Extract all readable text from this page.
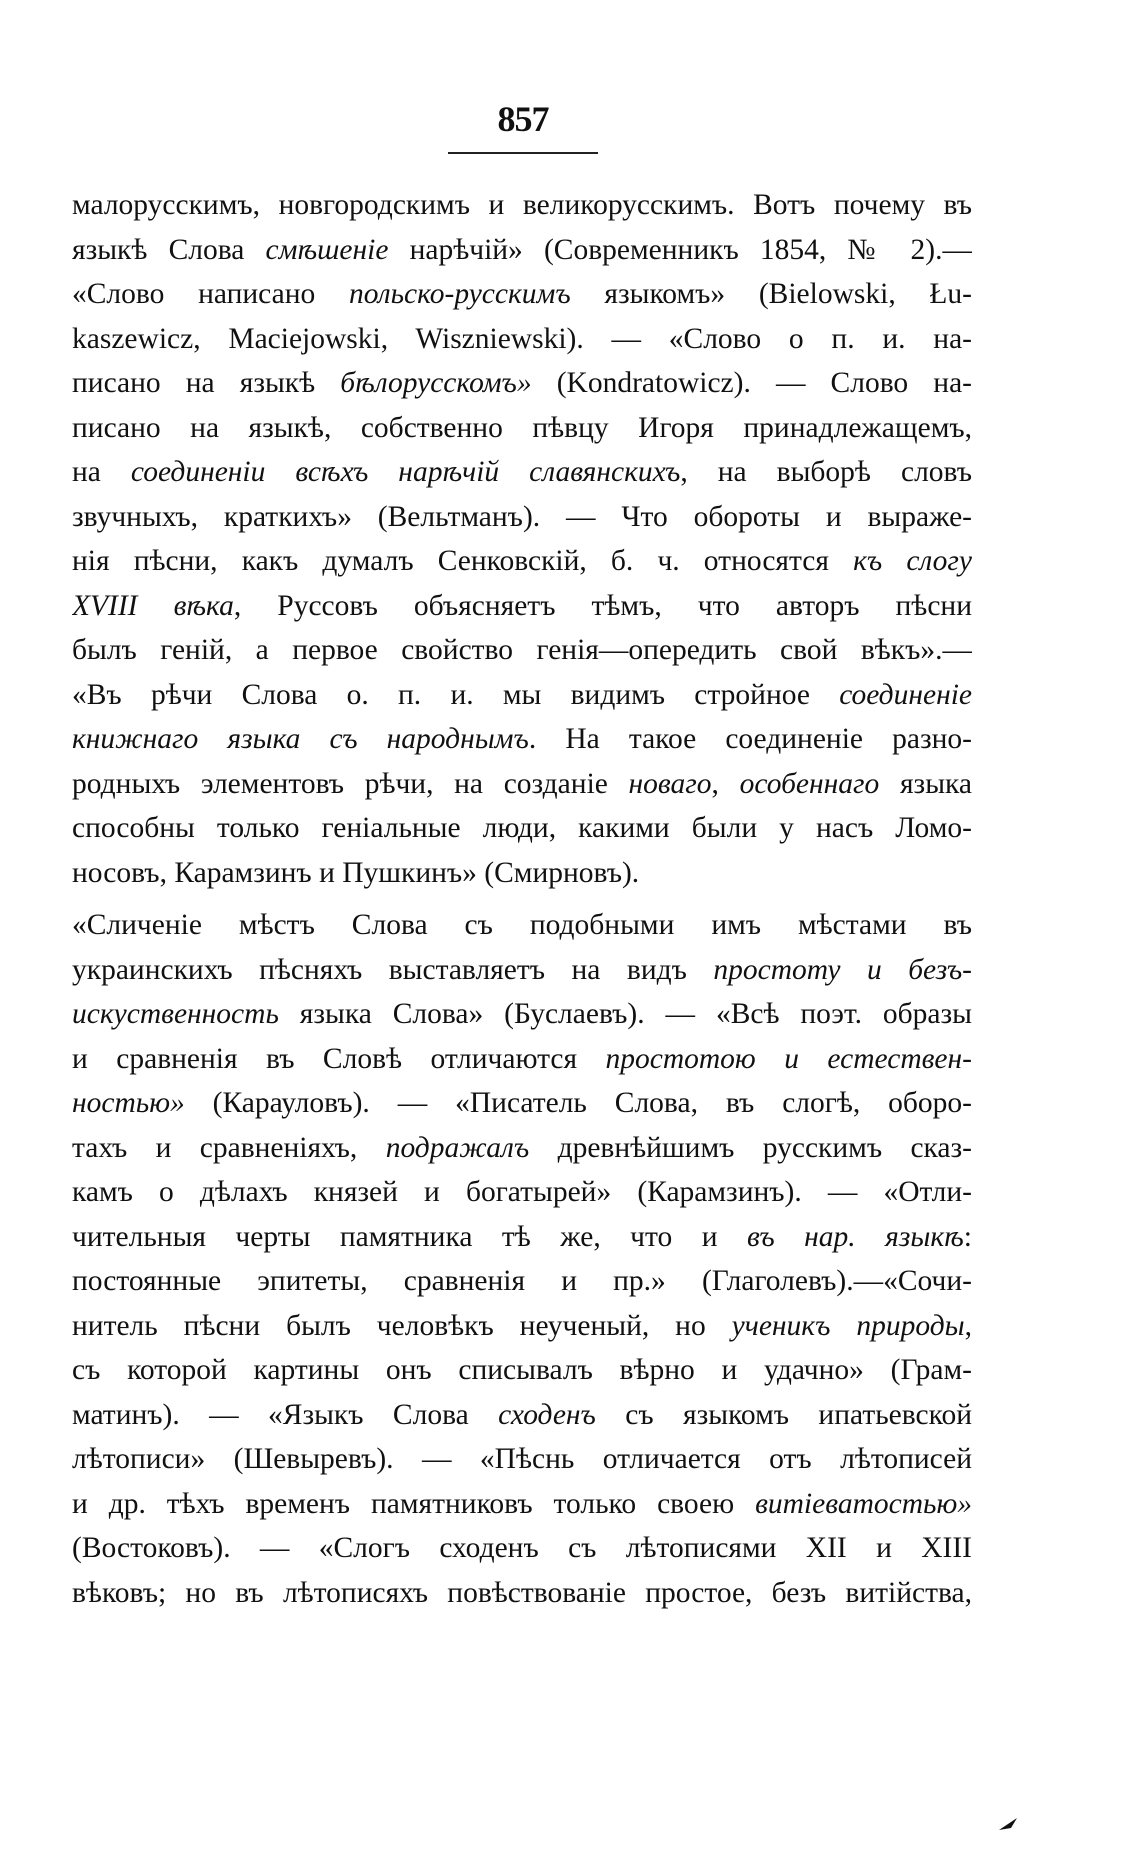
857
малорусскимъ, новгородскимъ и великорусскимъ. Вотъ почему въ
языкѣ Слова смѣшеніе нарѣчій» (Современникъ 1854, № 2).—
«Слово написано польско-русскимъ языкомъ» (Bielowski, Łu-
kaszewicz, Maciejowski, Wiszniewski). — «Слово о п. и. на-
писано на языкѣ бѣлорусскомъ» (Kondratowicz). — Слово на-
писано на языкѣ, собственно пѣвцу Игоря принадлежащемъ,
на соединеніи всѣхъ нарѣчій славянскихъ, на выборѣ словъ
звучныхъ, краткихъ» (Вельтманъ). — Что обороты и выраже-
нія пѣсни, какъ думалъ Сенковскій, б. ч. относятся къ слогу
XVIII вѣка, Руссовъ объясняетъ тѣмъ, что авторъ пѣсни
былъ геній, а первое свойство генія—опередить свой вѣкъ».—
«Въ рѣчи Слова о. п. и. мы видимъ стройное соединеніе
книжнаго языка съ народнымъ. На такое соединеніе разно-
родныхъ элементовъ рѣчи, на созданіе новаго, особеннаго языка
способны только геніальные люди, какими были у насъ Ломо-
носовъ, Карамзинъ и Пушкинъ» (Смирновъ).
«Сличеніе мѣстъ Слова съ подобными имъ мѣстами въ
украинскихъ пѣсняхъ выставляетъ на видъ простоту и безъ-
искуственность языка Слова» (Буслаевъ). — «Всѣ поэт. образы
и сравненія въ Словѣ отличаются простотою и естествен-
ностью» (Карауловъ). — «Писатель Слова, въ слогѣ, оборо-
тахъ и сравненіяхъ, подражалъ древнѣйшимъ русскимъ сказ-
камъ о дѣлахъ князей и богатырей» (Карамзинъ). — «Отли-
чительныя черты памятника тѣ же, что и въ нар. языкѣ:
постоянные эпитеты, сравненія и пр.» (Глаголевъ).—«Сочи-
нитель пѣсни былъ человѣкъ неученый, но ученикъ природы,
съ которой картины онъ списывалъ вѣрно и удачно» (Грам-
матинъ). — «Языкъ Слова сходенъ съ языкомъ ипатьевской
лѣтописи» (Шевыревъ). — «Пѣснь отличается отъ лѣтописей
и др. тѣхъ временъ памятниковъ только своею витіеватостью»
(Востоковъ). — «Слогъ сходенъ съ лѣтописями XII и XIII
вѣковъ; но въ лѣтописяхъ повѣствованіе простое, безъ витійства,
